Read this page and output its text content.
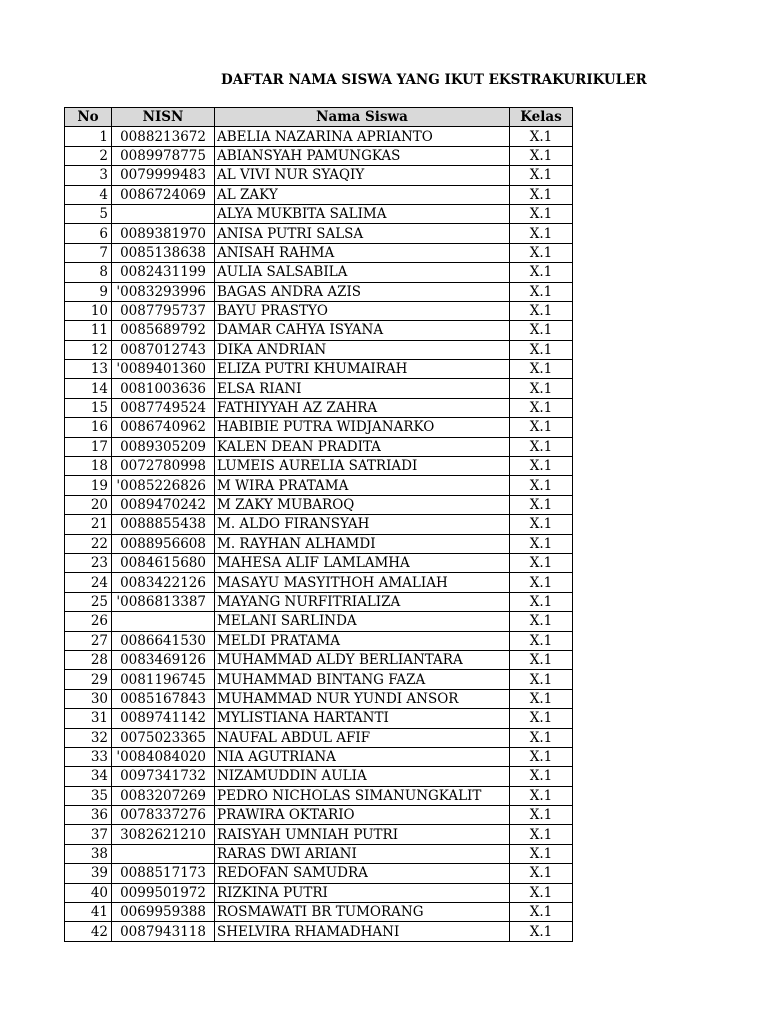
DAFTAR NAMA SISWA YANG IKUT EKSTRAKURIKULER
No	NISN	Nama Siswa	Kelas
1	0088213672	ABELIA NAZARINA APRIANTO	X.1
2	0089978775	ABIANSYAH PAMUNGKAS	X.1
3	0079999483	AL VIVI NUR SYAQIY	X.1
4	0086724069	AL ZAKY	X.1
5		ALYA MUKBITA SALIMA	X.1
6	0089381970	ANISA PUTRI SALSA	X.1
7	0085138638	ANISAH RAHMA	X.1
8	0082431199	AULIA SALSABILA	X.1
9	'0083293996	BAGAS ANDRA AZIS	X.1
10	0087795737	BAYU PRASTYO	X.1
11	0085689792	DAMAR CAHYA ISYANA	X.1
12	0087012743	DIKA ANDRIAN	X.1
13	'0089401360	ELIZA PUTRI KHUMAIRAH	X.1
14	0081003636	ELSA RIANI	X.1
15	0087749524	FATHIYYAH AZ ZAHRA	X.1
16	0086740962	HABIBIE PUTRA WIDJANARKO	X.1
17	0089305209	KALEN DEAN PRADITA	X.1
18	0072780998	LUMEIS AURELIA SATRIADI	X.1
19	'0085226826	M WIRA PRATAMA	X.1
20	0089470242	M ZAKY MUBAROQ	X.1
21	0088855438	M. ALDO FIRANSYAH	X.1
22	0088956608	M. RAYHAN ALHAMDI	X.1
23	0084615680	MAHESA ALIF LAMLAMHA	X.1
24	0083422126	MASAYU MASYITHOH AMALIAH	X.1
25	'0086813387	MAYANG NURFITRIALIZA	X.1
26		MELANI SARLINDA	X.1
27	0086641530	MELDI PRATAMA	X.1
28	0083469126	MUHAMMAD ALDY BERLIANTARA	X.1
29	0081196745	MUHAMMAD BINTANG FAZA	X.1
30	0085167843	MUHAMMAD NUR YUNDI ANSOR	X.1
31	0089741142	MYLISTIANA HARTANTI	X.1
32	0075023365	NAUFAL ABDUL AFIF	X.1
33	'0084084020	NIA AGUTRIANA	X.1
34	0097341732	NIZAMUDDIN AULIA	X.1
35	0083207269	PEDRO NICHOLAS SIMANUNGKALIT	X.1
36	0078337276	PRAWIRA OKTARIO	X.1
37	3082621210	RAISYAH UMNIAH PUTRI	X.1
38		RARAS DWI ARIANI	X.1
39	0088517173	REDOFAN SAMUDRA	X.1
40	0099501972	RIZKINA PUTRI	X.1
41	0069959388	ROSMAWATI BR TUMORANG	X.1
42	0087943118	SHELVIRA RHAMADHANI	X.1
